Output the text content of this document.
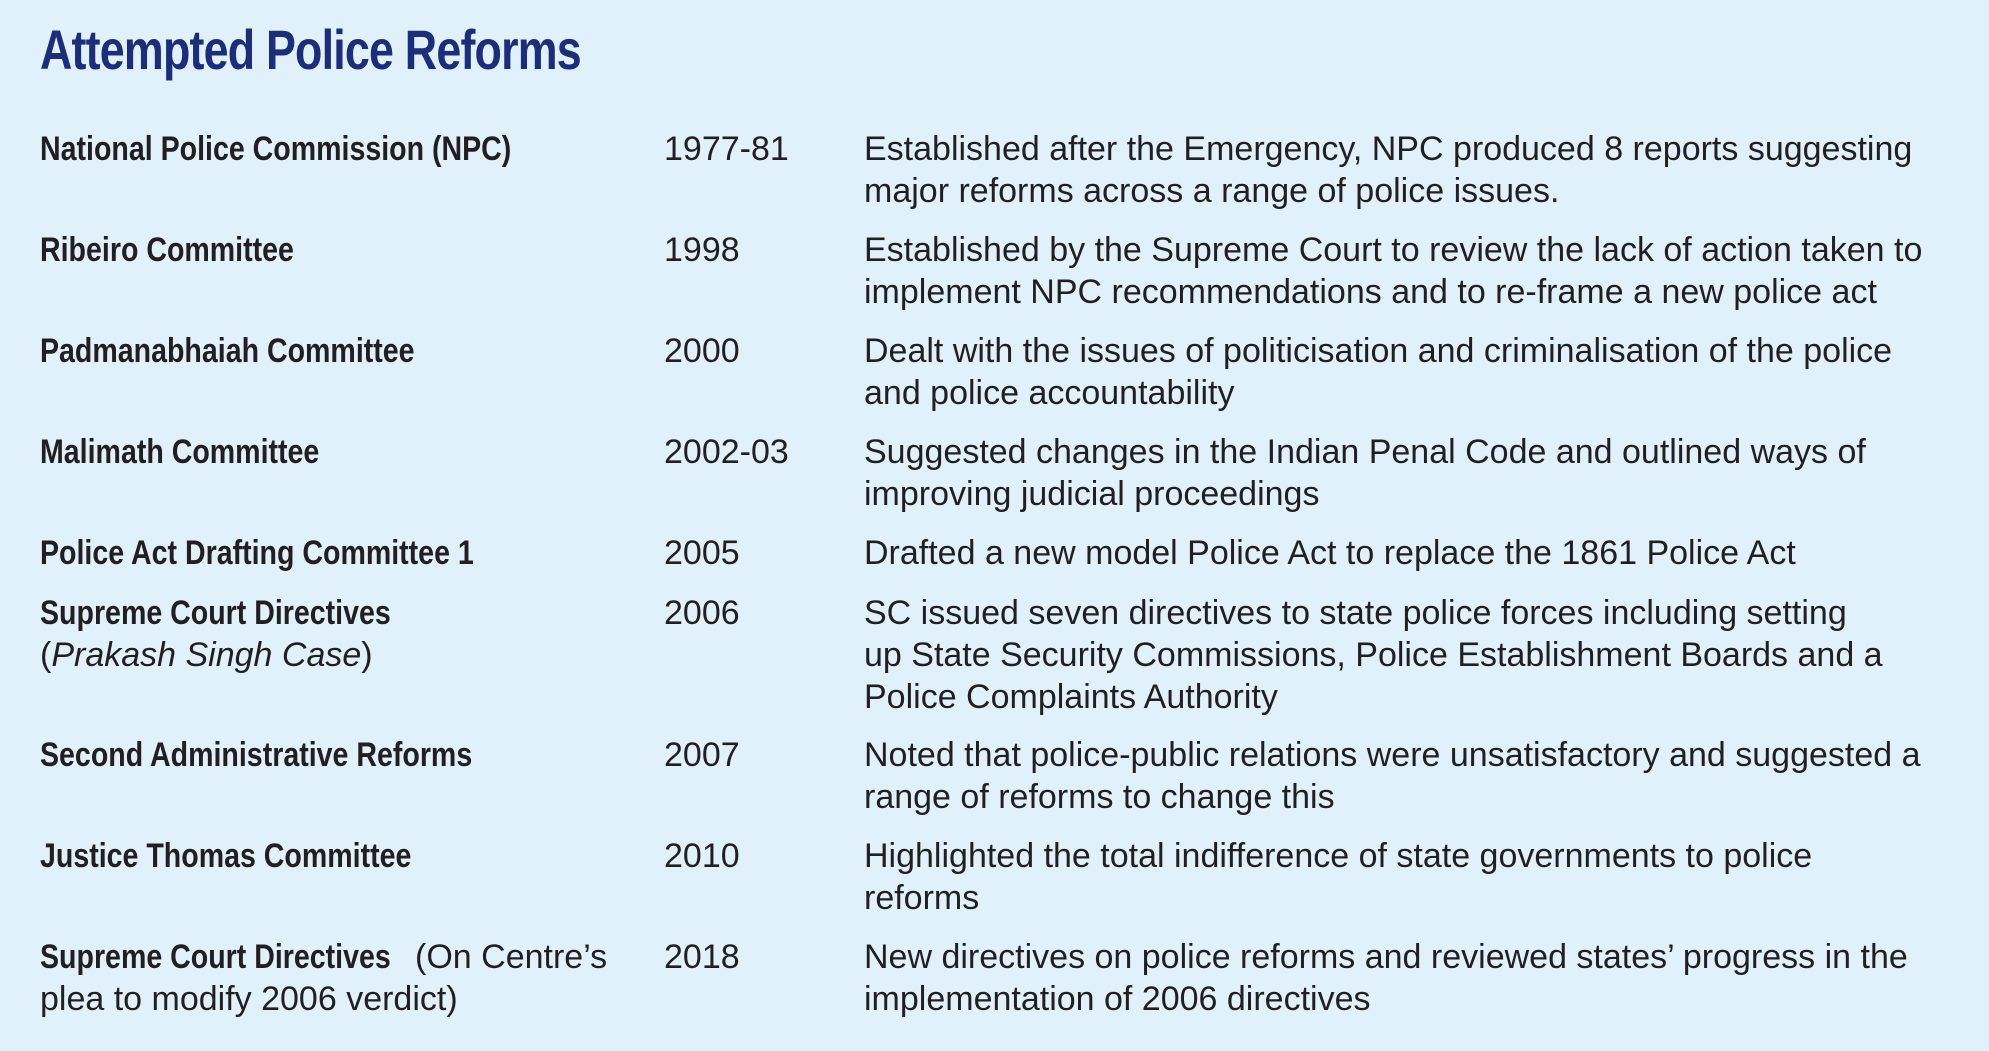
Attempted Police Reforms
National Police Commission (NPC)	1977-81	Established after the Emergency, NPC produced 8 reports suggesting
major reforms across a range of police issues.
Ribeiro Committee	1998	Established by the Supreme Court to review the lack of action taken to
implement NPC recommendations and to re-frame a new police act
Padmanabhaiah Committee	2000	Dealt with the issues of politicisation and criminalisation of the police
and police accountability
Malimath Committee	2002-03	Suggested changes in the Indian Penal Code and outlined ways of
improving judicial proceedings
Police Act Drafting Committee 1	2005	Drafted a new model Police Act to replace the 1861 Police Act
Supreme Court Directives
(Prakash Singh Case)
2006	SC issued seven directives to state police forces including setting
up State Security Commissions, Police Establishment Boards and a
Police Complaints Authority
Second Administrative Reforms	2007	Noted that police-public relations were unsatisfactory and suggested a
range of reforms to change this
Justice Thomas Committee	2010	Highlighted the total indifference of state governments to police
reforms
Supreme Court Directives (On Centre’s
plea to modify 2006 verdict)
2018	New directives on police reforms and reviewed states’ progress in the
implementation of 2006 directives
